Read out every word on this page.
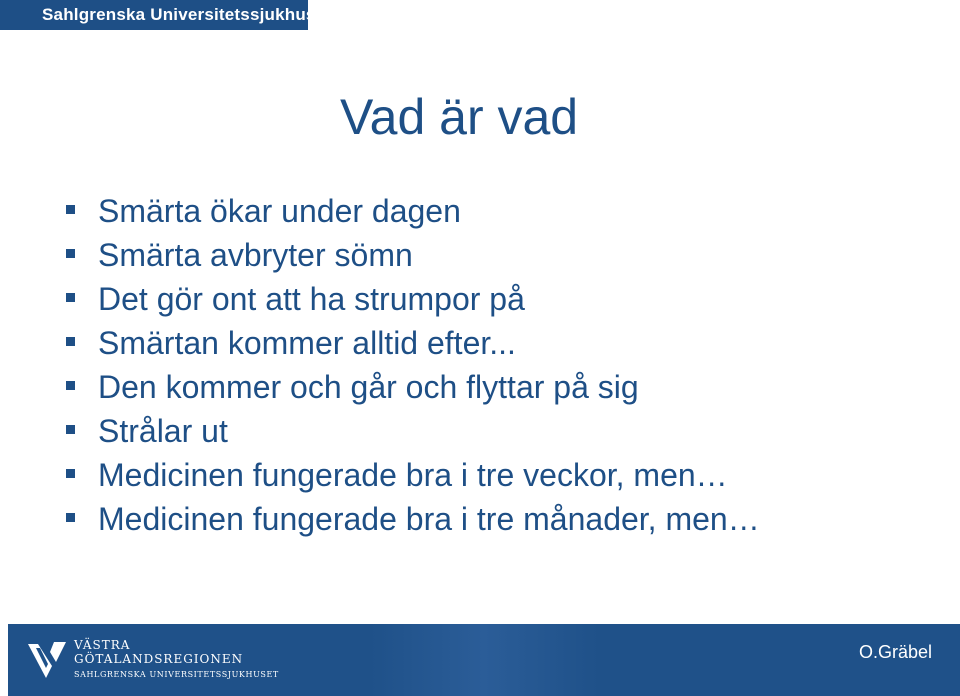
Sahlgrenska Universitetssjukhuset
Vad är vad
Smärta ökar under dagen
Smärta avbryter sömn
Det gör ont att ha strumpor på
Smärtan kommer alltid efter...
Den kommer och går och flyttar på sig
Strålar ut
Medicinen fungerade bra i tre veckor, men…
Medicinen fungerade bra i tre månader, men…
VÄSTRA
GÖTALANDSREGIONEN
SAHLGRENSKA UNIVERSITETSSJUKHUSET
O.Gräbel
